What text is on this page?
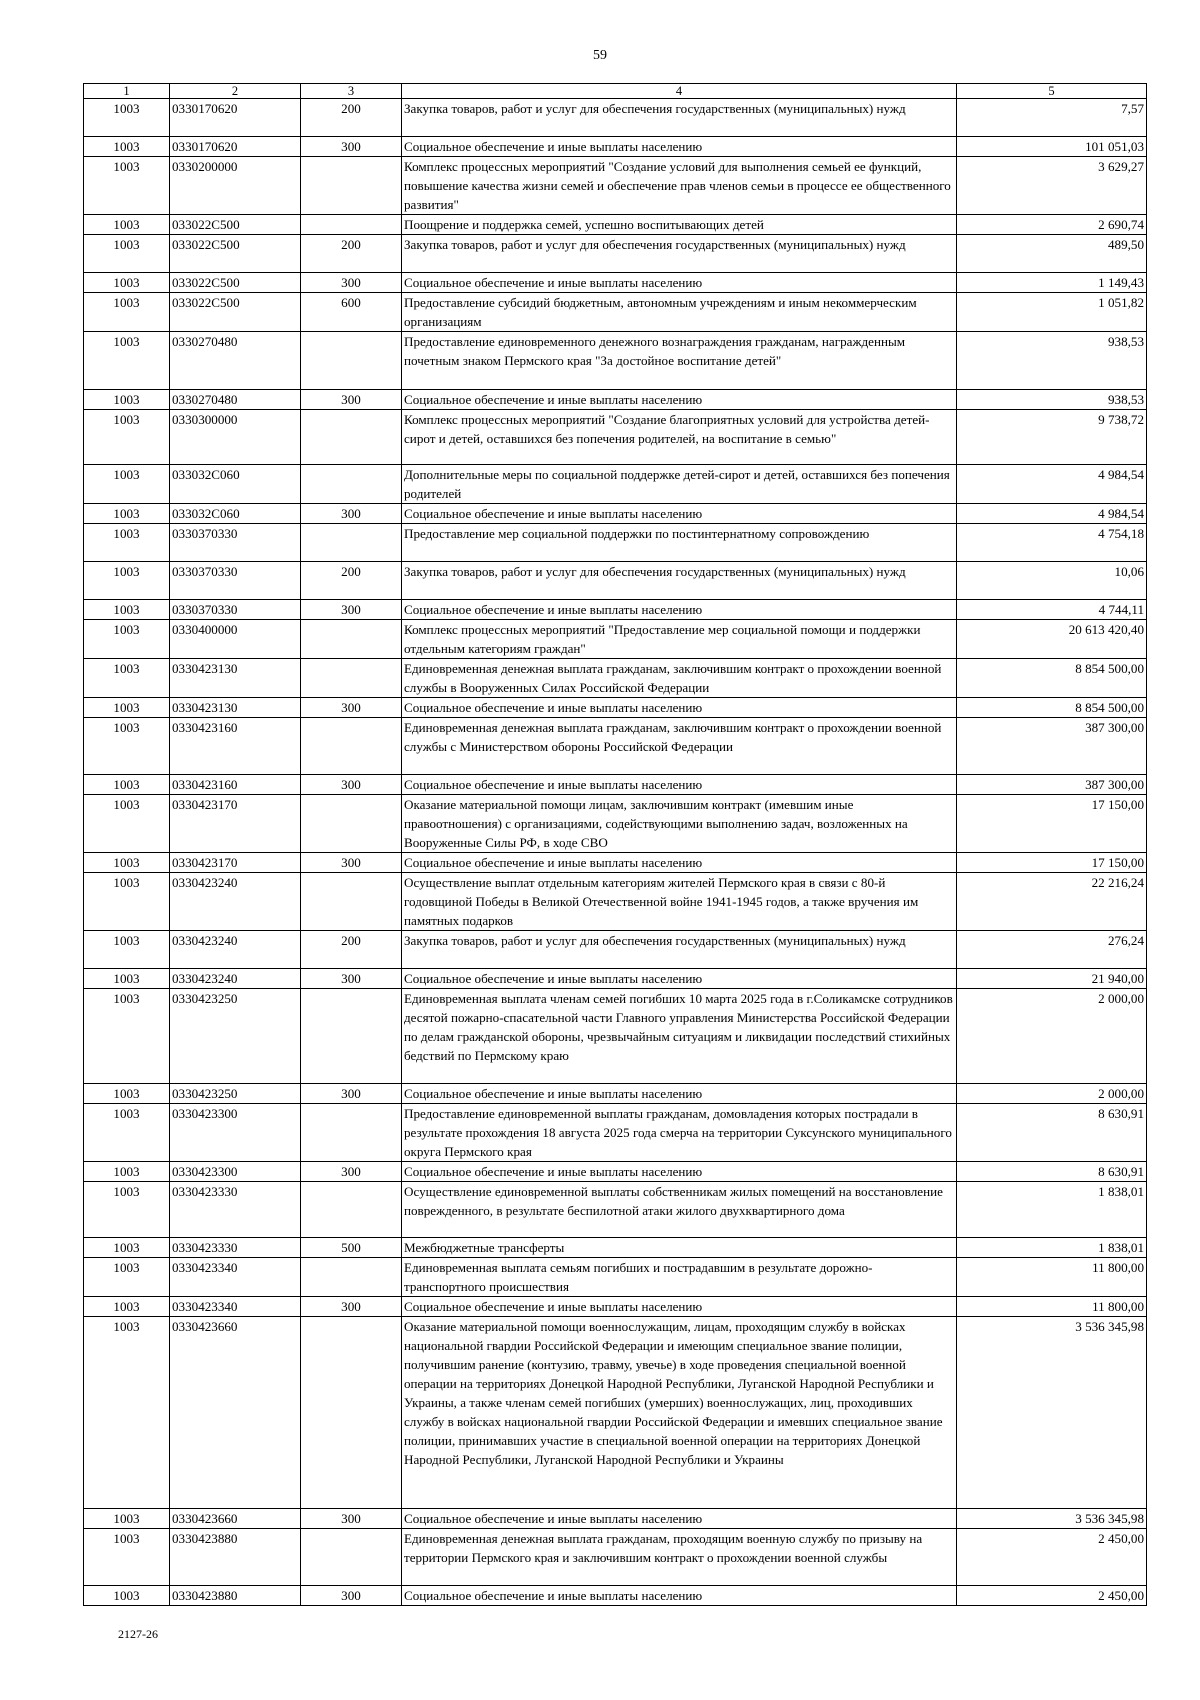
59
1	2	3	4	5
1003	0330170620	200	Закупка товаров, работ и услуг для обеспечения государственных (муниципальных) нужд	7,57
1003	0330170620	300	Социальное обеспечение и иные выплаты населению	101 051,03
1003	0330200000		Комплекс процессных мероприятий "Создание условий для выполнения семьей ее функций, повышение качества жизни семей и обеспечение прав членов семьи в процессе ее общественного развития"	3 629,27
1003	033022С500		Поощрение и поддержка семей, успешно воспитывающих детей	2 690,74
1003	033022С500	200	Закупка товаров, работ и услуг для обеспечения государственных (муниципальных) нужд	489,50
1003	033022С500	300	Социальное обеспечение и иные выплаты населению	1 149,43
1003	033022С500	600	Предоставление субсидий бюджетным, автономным учреждениям и иным некоммерческим организациям	1 051,82
1003	0330270480		Предоставление единовременного денежного вознаграждения гражданам, награжденным почетным знаком Пермского края "За достойное воспитание детей"	938,53
1003	0330270480	300	Социальное обеспечение и иные выплаты населению	938,53
1003	0330300000		Комплекс процессных мероприятий "Создание благоприятных условий для устройства детей-сирот и детей, оставшихся без попечения родителей, на воспитание в семью"	9 738,72
1003	033032С060		Дополнительные меры по социальной поддержке детей-сирот и детей, оставшихся без попечения родителей	4 984,54
1003	033032С060	300	Социальное обеспечение и иные выплаты населению	4 984,54
1003	0330370330		Предоставление мер социальной поддержки по постинтернатному сопровождению	4 754,18
1003	0330370330	200	Закупка товаров, работ и услуг для обеспечения государственных (муниципальных) нужд	10,06
1003	0330370330	300	Социальное обеспечение и иные выплаты населению	4 744,11
1003	0330400000		Комплекс процессных мероприятий "Предоставление мер социальной помощи и поддержки отдельным категориям граждан"	20 613 420,40
1003	0330423130		Единовременная денежная выплата гражданам, заключившим контракт о прохождении военной службы в Вооруженных Силах Российской Федерации	8 854 500,00
1003	0330423130	300	Социальное обеспечение и иные выплаты населению	8 854 500,00
1003	0330423160		Единовременная денежная выплата гражданам, заключившим контракт о прохождении военной службы с Министерством обороны Российской Федерации	387 300,00
1003	0330423160	300	Социальное обеспечение и иные выплаты населению	387 300,00
1003	0330423170		Оказание материальной помощи лицам, заключившим контракт (имевшим иные правоотношения) с организациями, содействующими выполнению задач, возложенных на Вооруженные Силы РФ, в ходе СВО	17 150,00
1003	0330423170	300	Социальное обеспечение и иные выплаты населению	17 150,00
1003	0330423240		Осуществление выплат отдельным категориям жителей Пермского края в связи с 80-й годовщиной Победы в Великой Отечественной войне 1941-1945 годов, а также вручения им памятных подарков	22 216,24
1003	0330423240	200	Закупка товаров, работ и услуг для обеспечения государственных (муниципальных) нужд	276,24
1003	0330423240	300	Социальное обеспечение и иные выплаты населению	21 940,00
1003	0330423250		Единовременная выплата членам семей погибших 10 марта 2025 года в г.Соликамске сотрудников десятой пожарно-спасательной части Главного управления Министерства Российской Федерации по делам гражданской обороны, чрезвычайным ситуациям и ликвидации последствий стихийных бедствий по Пермскому краю	2 000,00
1003	0330423250	300	Социальное обеспечение и иные выплаты населению	2 000,00
1003	0330423300		Предоставление единовременной выплаты гражданам, домовладения которых пострадали в результате прохождения 18 августа 2025 года смерча на территории Суксунского муниципального округа Пермского края	8 630,91
1003	0330423300	300	Социальное обеспечение и иные выплаты населению	8 630,91
1003	0330423330		Осуществление единовременной выплаты собственникам жилых помещений на восстановление поврежденного, в результате беспилотной атаки жилого двухквартирного дома	1 838,01
1003	0330423330	500	Межбюджетные трансферты	1 838,01
1003	0330423340		Единовременная выплата семьям погибших и пострадавшим в результате дорожно-транспортного происшествия	11 800,00
1003	0330423340	300	Социальное обеспечение и иные выплаты населению	11 800,00
1003	0330423660		Оказание материальной помощи военнослужащим, лицам, проходящим службу в войсках национальной гвардии Российской Федерации и имеющим специальное звание полиции, получившим ранение (контузию, травму, увечье) в ходе проведения специальной военной операции на территориях Донецкой Народной Республики, Луганской Народной Республики и Украины, а также членам семей погибших (умерших) военнослужащих, лиц, проходивших службу в войсках национальной гвардии Российской Федерации и имевших специальное звание полиции, принимавших участие в специальной военной операции на территориях Донецкой Народной Республики, Луганской Народной Республики и Украины	3 536 345,98
1003	0330423660	300	Социальное обеспечение и иные выплаты населению	3 536 345,98
1003	0330423880		Единовременная денежная выплата гражданам, проходящим военную службу по призыву на территории Пермского края и заключившим контракт о прохождении военной службы	2 450,00
1003	0330423880	300	Социальное обеспечение и иные выплаты населению	2 450,00
2127-26
